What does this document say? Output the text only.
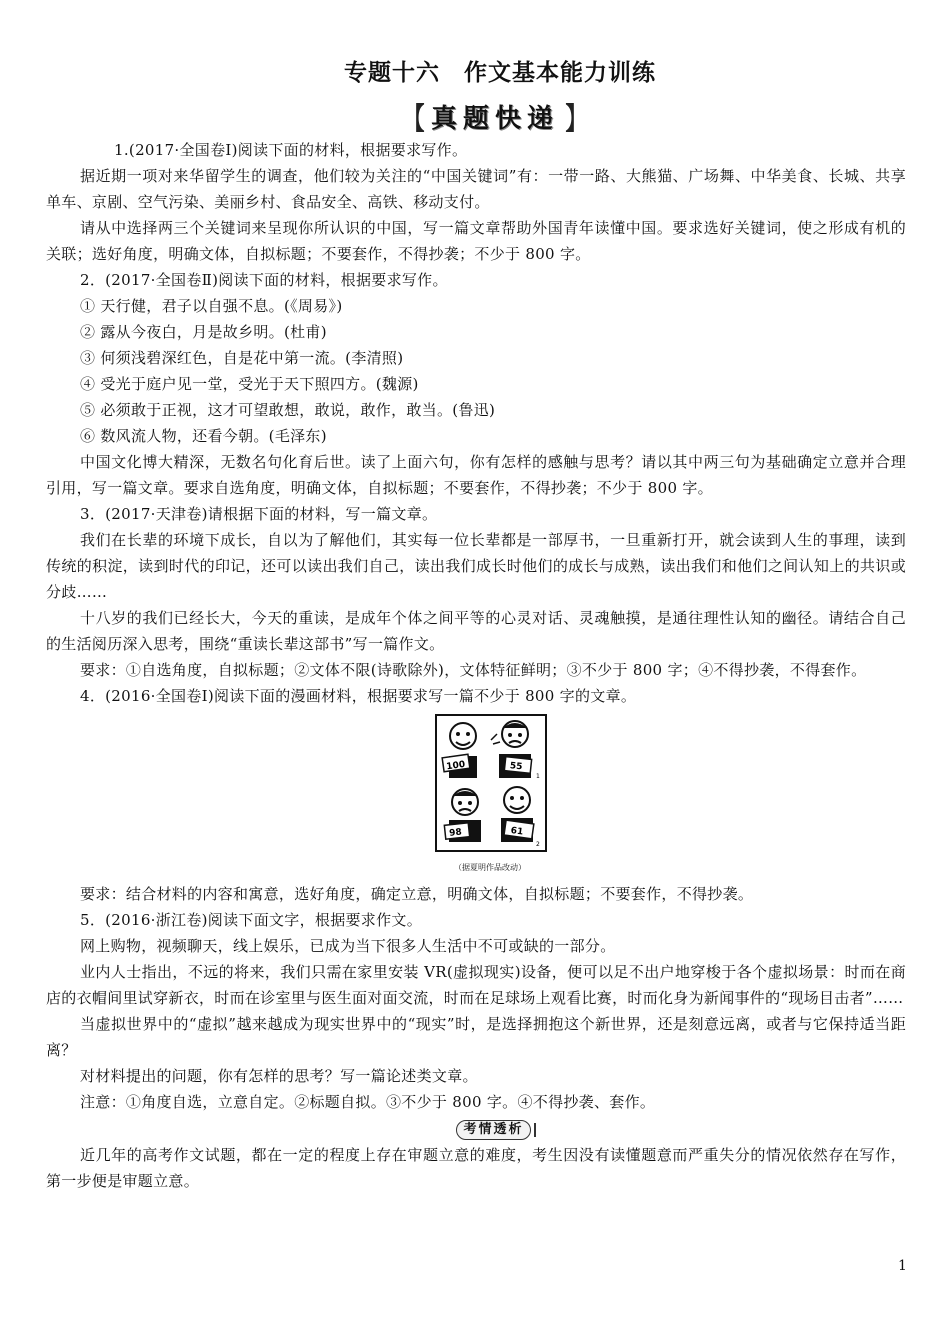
专题十六　作文基本能力训练
【 真题快递 】

1.(2017·全国卷Ⅰ)阅读下面的材料，根据要求写作。

据近期一项对来华留学生的调查，他们较为关注的“中国关键词”有：一带一路、大熊猫、广场舞、中华美食、长城、共享单车、京剧、空气污染、美丽乡村、食品安全、高铁、移动支付。

请从中选择两三个关键词来呈现你所认识的中国，写一篇文章帮助外国青年读懂中国。要求选好关键词，使之形成有机的关联；选好角度，明确文体，自拟标题；不要套作，不得抄袭；不少于 800 字。

2．(2017·全国卷Ⅱ)阅读下面的材料，根据要求写作。

① 天行健，君子以自强不息。(《周易》)

② 露从今夜白，月是故乡明。(杜甫)

③ 何须浅碧深红色，自是花中第一流。(李清照)

④ 受光于庭户见一堂，受光于天下照四方。(魏源)

⑤ 必须敢于正视，这才可望敢想，敢说，敢作，敢当。(鲁迅)

⑥ 数风流人物，还看今朝。(毛泽东)

中国文化博大精深，无数名句化育后世。读了上面六句，你有怎样的感触与思考？请以其中两三句为基础确定立意并合理引用，写一篇文章。要求自选角度，明确文体，自拟标题；不要套作，不得抄袭；不少于 800 字。

3．(2017·天津卷)请根据下面的材料，写一篇文章。

我们在长辈的环境下成长，自以为了解他们，其实每一位长辈都是一部厚书，一旦重新打开，就会读到人生的事理，读到传统的积淀，读到时代的印记，还可以读出我们自己，读出我们成长时他们的成长与成熟，读出我们和他们之间认知上的共识或分歧……

十八岁的我们已经长大，今天的重读，是成年个体之间平等的心灵对话、灵魂触摸，是通往理性认知的幽径。请结合自己的生活阅历深入思考，围绕“重读长辈这部书”写一篇作文。

要求：①自选角度，自拟标题；②文体不限(诗歌除外)，文体特征鲜明；③不少于 800 字；④不得抄袭，不得套作。

4．(2016·全国卷Ⅰ)阅读下面的漫画材料，根据要求写一篇不少于 800 字的文章。

100	55
1
98	61
2
（据夏明作品改动）

要求：结合材料的内容和寓意，选好角度，确定立意，明确文体，自拟标题；不要套作，不得抄袭。

5．(2016·浙江卷)阅读下面文字，根据要求作文。

网上购物，视频聊天，线上娱乐，已成为当下很多人生活中不可或缺的一部分。

业内人士指出，不远的将来，我们只需在家里安装 VR(虚拟现实)设备，便可以足不出户地穿梭于各个虚拟场景：时而在商店的衣帽间里试穿新衣，时而在诊室里与医生面对面交流，时而在足球场上观看比赛，时而化身为新闻事件的“现场目击者”……

当虚拟世界中的“虚拟”越来越成为现实世界中的“现实”时，是选择拥抱这个新世界，还是刻意远离，或者与它保持适当距离？

对材料提出的问题，你有怎样的思考？写一篇论述类文章。

注意：①角度自选，立意自定。②标题自拟。③不少于 800 字。④不得抄袭、套作。

考情透析

近几年的高考作文试题，都在一定的程度上存在审题立意的难度，考生因没有读懂题意而严重失分的情况依然存在写作，第一步便是审题立意。

1
